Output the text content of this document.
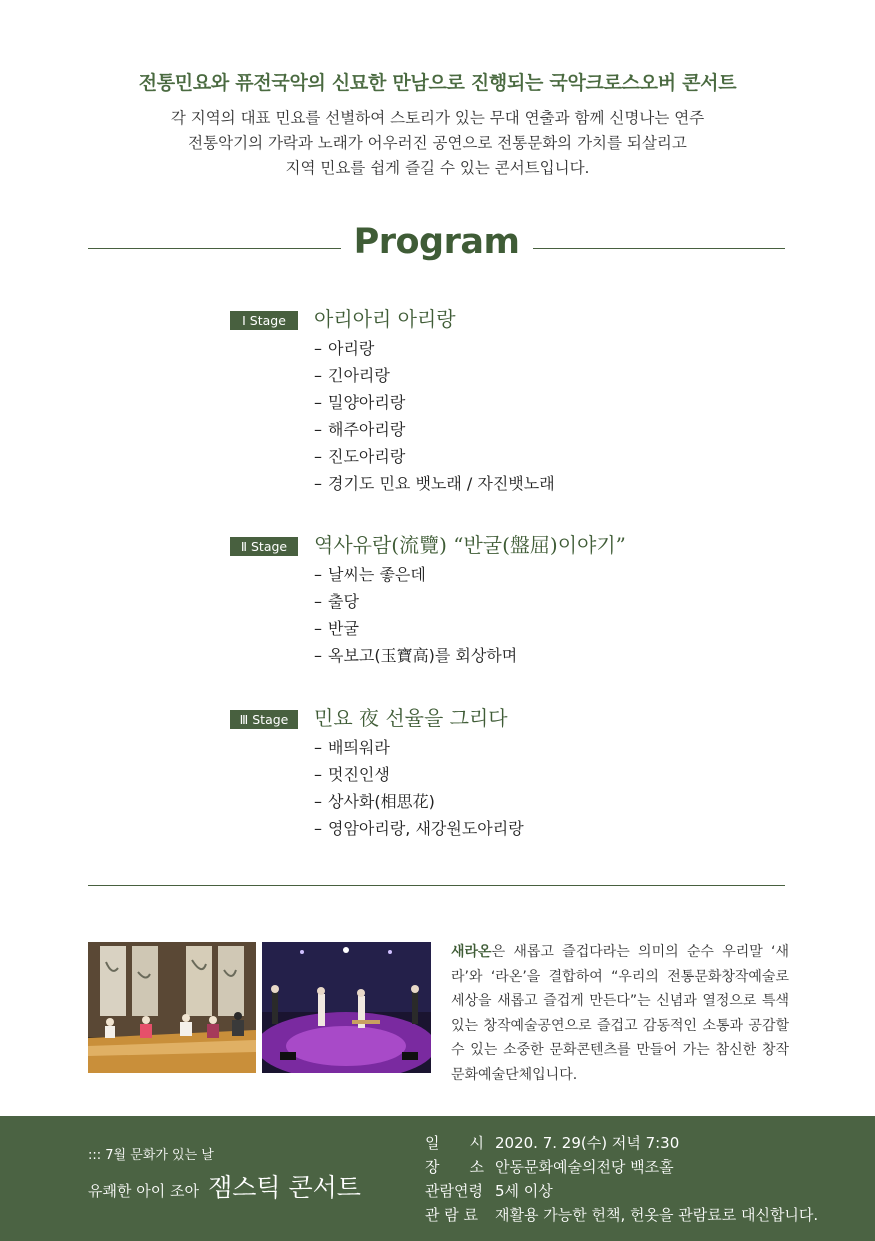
전통민요와 퓨전국악의 신묘한 만남으로 진행되는 국악크로스오버 콘서트
각 지역의 대표 민요를 선별하여 스토리가 있는 무대 연출과 함께 신명나는 연주
전통악기의 가락과 노래가 어우러진 공연으로 전통문화의 가치를 되살리고
지역 민요를 쉽게 즐길 수 있는 콘서트입니다.
Program
Ⅰ Stage	아리아리 아리랑
– 아리랑
– 긴아리랑
– 밀양아리랑
– 해주아리랑
– 진도아리랑
– 경기도 민요 뱃노래 / 자진뱃노래
Ⅱ Stage	역사유람(流覽) “반굴(盤屈)이야기”
– 날씨는 좋은데
– 출당
– 반굴
– 옥보고(玉寶高)를 회상하며
Ⅲ Stage	민요 夜 선율을 그리다
– 배띄워라
– 멋진인생
– 상사화(相思花)
– 영암아리랑, 새강원도아리랑
새라온은 새롭고 즐겁다라는 의미의 순수 우리말 ‘새라’와 ‘라온’을 결합하여 “우리의 전통문화창작예술로 세상을 새롭고 즐겁게 만든다”는 신념과 열정으로 특색있는 창작예술공연으로 즐겁고 감동적인 소통과 공감할 수 있는 소중한 문화콘텐츠를 만들어 가는 참신한 창작문화예술단체입니다.
::: 7월 문화가 있는 날
유쾌한 아이 조아 잼스틱 콘서트
일　　시 2020. 7. 29(수) 저녁 7:30
장　　소 안동문화예술의전당 백조홀
관람연령 5세 이상
관 람 료 재활용 가능한 헌책, 헌옷을 관람료로 대신합니다.
